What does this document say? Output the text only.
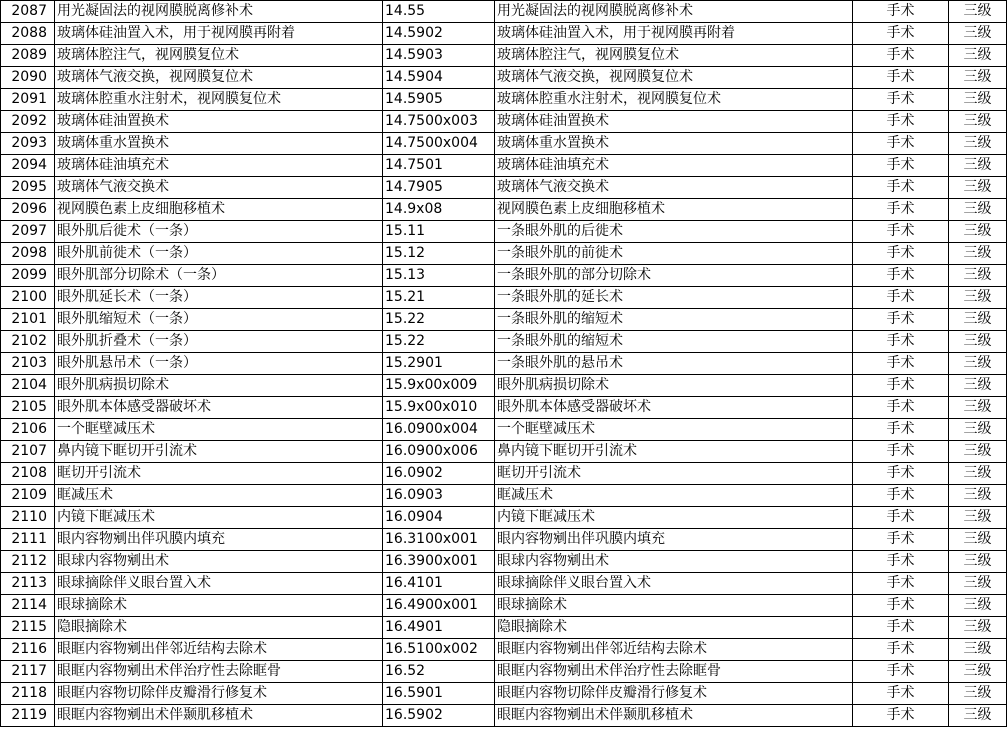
2087	用光凝固法的视网膜脱离修补术	14.55	用光凝固法的视网膜脱离修补术	手术	三级
2088	玻璃体硅油置入术，用于视网膜再附着	14.5902	玻璃体硅油置入术，用于视网膜再附着	手术	三级
2089	玻璃体腔注气，视网膜复位术	14.5903	玻璃体腔注气，视网膜复位术	手术	三级
2090	玻璃体气液交换，视网膜复位术	14.5904	玻璃体气液交换，视网膜复位术	手术	三级
2091	玻璃体腔重水注射术，视网膜复位术	14.5905	玻璃体腔重水注射术，视网膜复位术	手术	三级
2092	玻璃体硅油置换术	14.7500x003	玻璃体硅油置换术	手术	三级
2093	玻璃体重水置换术	14.7500x004	玻璃体重水置换术	手术	三级
2094	玻璃体硅油填充术	14.7501	玻璃体硅油填充术	手术	三级
2095	玻璃体气液交换术	14.7905	玻璃体气液交换术	手术	三级
2096	视网膜色素上皮细胞移植术	14.9x08	视网膜色素上皮细胞移植术	手术	三级
2097	眼外肌后徙术（一条）	15.11	一条眼外肌的后徙术	手术	三级
2098	眼外肌前徙术（一条）	15.12	一条眼外肌的前徙术	手术	三级
2099	眼外肌部分切除术（一条）	15.13	一条眼外肌的部分切除术	手术	三级
2100	眼外肌延长术（一条）	15.21	一条眼外肌的延长术	手术	三级
2101	眼外肌缩短术（一条）	15.22	一条眼外肌的缩短术	手术	三级
2102	眼外肌折叠术（一条）	15.22	一条眼外肌的缩短术	手术	三级
2103	眼外肌悬吊术（一条）	15.2901	一条眼外肌的悬吊术	手术	三级
2104	眼外肌病损切除术	15.9x00x009	眼外肌病损切除术	手术	三级
2105	眼外肌本体感受器破坏术	15.9x00x010	眼外肌本体感受器破坏术	手术	三级
2106	一个眶壁减压术	16.0900x004	一个眶壁减压术	手术	三级
2107	鼻内镜下眶切开引流术	16.0900x006	鼻内镜下眶切开引流术	手术	三级
2108	眶切开引流术	16.0902	眶切开引流术	手术	三级
2109	眶减压术	16.0903	眶减压术	手术	三级
2110	内镜下眶减压术	16.0904	内镜下眶减压术	手术	三级
2111	眼内容物剜出伴巩膜内填充	16.3100x001	眼内容物剜出伴巩膜内填充	手术	三级
2112	眼球内容物剜出术	16.3900x001	眼球内容物剜出术	手术	三级
2113	眼球摘除伴义眼台置入术	16.4101	眼球摘除伴义眼台置入术	手术	三级
2114	眼球摘除术	16.4900x001	眼球摘除术	手术	三级
2115	隐眼摘除术	16.4901	隐眼摘除术	手术	三级
2116	眼眶内容物剜出伴邻近结构去除术	16.5100x002	眼眶内容物剜出伴邻近结构去除术	手术	三级
2117	眼眶内容物剜出术伴治疗性去除眶骨	16.52	眼眶内容物剜出术伴治疗性去除眶骨	手术	三级
2118	眼眶内容物切除伴皮瓣滑行修复术	16.5901	眼眶内容物切除伴皮瓣滑行修复术	手术	三级
2119	眼眶内容物剜出术伴颞肌移植术	16.5902	眼眶内容物剜出术伴颞肌移植术	手术	三级
